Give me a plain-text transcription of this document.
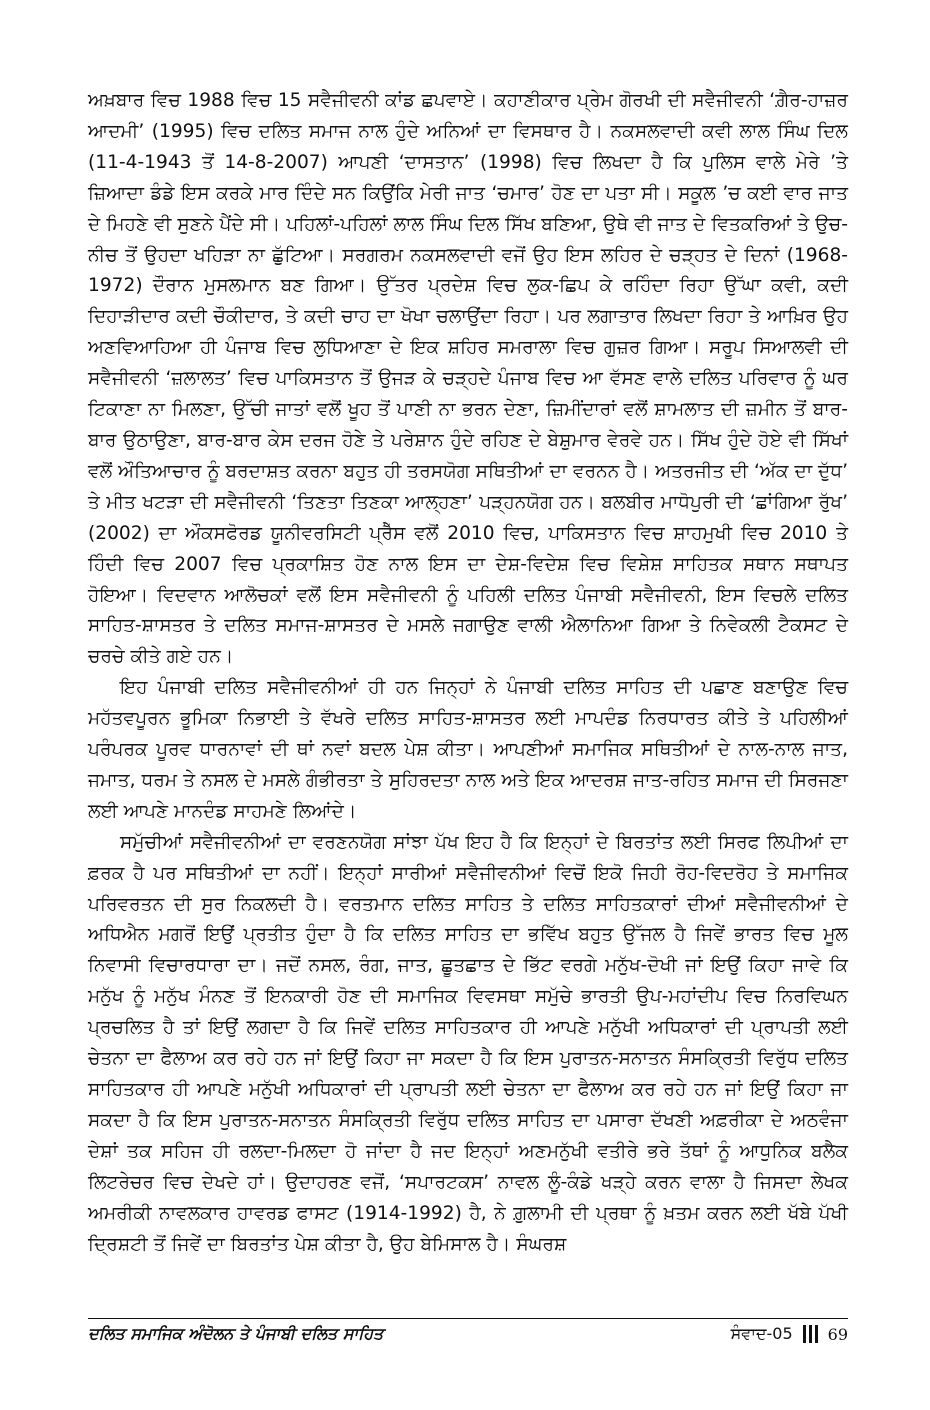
ਅਖ਼ਬਾਰ ਵਿਚ 1988 ਵਿਚ 15 ਸਵੈਜੀਵਨੀ ਕਾਂਡ ਛਪਵਾਏ। ਕਹਾਣੀਕਾਰ ਪ੍ਰੇਮ ਗੋਰਖੀ ਦੀ ਸਵੈਜੀਵਨੀ ‘ਗ਼ੈਰ-ਹਾਜ਼ਰ ਆਦਮੀ’ (1995) ਵਿਚ ਦਲਿਤ ਸਮਾਜ ਨਾਲ ਹੁੰਦੇ ਅਨਿਆਂ ਦਾ ਵਿਸਥਾਰ ਹੈ। ਨਕਸਲਵਾਦੀ ਕਵੀ ਲਾਲ ਸਿੰਘ ਦਿਲ (11-4-1943 ਤੋਂ 14-8-2007) ਆਪਣੀ ‘ਦਾਸਤਾਨ’ (1998) ਵਿਚ ਲਿਖਦਾ ਹੈ ਕਿ ਪੁਲਿਸ ਵਾਲੇ ਮੇਰੇ ’ਤੇ ਜ਼ਿਆਦਾ ਡੰਡੇ ਇਸ ਕਰਕੇ ਮਾਰ ਦਿੰਦੇ ਸਨ ਕਿਉਂਕਿ ਮੇਰੀ ਜਾਤ ‘ਚਮਾਰ’ ਹੋਣ ਦਾ ਪਤਾ ਸੀ। ਸਕੂਲ ’ਚ ਕਈ ਵਾਰ ਜਾਤ ਦੇ ਮਿਹਣੇ ਵੀ ਸੁਣਨੇ ਪੈਂਦੇ ਸੀ। ਪਹਿਲਾਂ-ਪਹਿਲਾਂ ਲਾਲ ਸਿੰਘ ਦਿਲ ਸਿੱਖ ਬਣਿਆ, ਉਥੇ ਵੀ ਜਾਤ ਦੇ ਵਿਤਕਰਿਆਂ ਤੇ ਉਚ-ਨੀਚ ਤੋਂ ਉਹਦਾ ਖਹਿੜਾ ਨਾ ਛੁੱਟਿਆ। ਸਰਗਰਮ ਨਕਸਲਵਾਦੀ ਵਜੋਂ ਉਹ ਇਸ ਲਹਿਰ ਦੇ ਚੜ੍ਹਤ ਦੇ ਦਿਨਾਂ (1968-1972) ਦੌਰਾਨ ਮੁਸਲਮਾਨ ਬਣ ਗਿਆ। ਉੱਤਰ ਪ੍ਰਦੇਸ਼ ਵਿਚ ਲੁਕ-ਛਿਪ ਕੇ ਰਹਿੰਦਾ ਰਿਹਾ ਉੱਘਾ ਕਵੀ, ਕਦੀ ਦਿਹਾੜੀਦਾਰ ਕਦੀ ਚੌਕੀਦਾਰ, ਤੇ ਕਦੀ ਚਾਹ ਦਾ ਖੋਖਾ ਚਲਾਉਂਦਾ ਰਿਹਾ। ਪਰ ਲਗਾਤਾਰ ਲਿਖਦਾ ਰਿਹਾ ਤੇ ਆਖ਼ਿਰ ਉਹ ਅਣਵਿਆਹਿਆ ਹੀ ਪੰਜਾਬ ਵਿਚ ਲੁਧਿਆਣਾ ਦੇ ਇਕ ਸ਼ਹਿਰ ਸਮਰਾਲਾ ਵਿਚ ਗੁਜ਼ਰ ਗਿਆ। ਸਰੂਪ ਸਿਆਲਵੀ ਦੀ ਸਵੈਜੀਵਨੀ ‘ਜ਼ਲਾਲਤ’ ਵਿਚ ਪਾਕਿਸਤਾਨ ਤੋਂ ਉਜੜ ਕੇ ਚੜ੍ਹਦੇ ਪੰਜਾਬ ਵਿਚ ਆ ਵੱਸਣ ਵਾਲੇ ਦਲਿਤ ਪਰਿਵਾਰ ਨੂੰ ਘਰ ਟਿਕਾਣਾ ਨਾ ਮਿਲਣਾ, ਉੱਚੀ ਜਾਤਾਂ ਵਲੋਂ ਖੂਹ ਤੋਂ ਪਾਣੀ ਨਾ ਭਰਨ ਦੇਣਾ, ਜ਼ਿਮੀਂਦਾਰਾਂ ਵਲੋਂ ਸ਼ਾਮਲਾਤ ਦੀ ਜ਼ਮੀਨ ਤੋਂ ਬਾਰ-ਬਾਰ ਉਠਾਉਣਾ, ਬਾਰ-ਬਾਰ ਕੇਸ ਦਰਜ ਹੋਣੇ ਤੇ ਪਰੇਸ਼ਾਨ ਹੁੰਦੇ ਰਹਿਣ ਦੇ ਬੇਸ਼ੁਮਾਰ ਵੇਰਵੇ ਹਨ। ਸਿੱਖ ਹੁੰਦੇ ਹੋਏ ਵੀ ਸਿੱਖਾਂ ਵਲੋਂ ਔਤਿਆਚਾਰ ਨੂੰ ਬਰਦਾਸ਼ਤ ਕਰਨਾ ਬਹੁਤ ਹੀ ਤਰਸਯੋਗ ਸਥਿਤੀਆਂ ਦਾ ਵਰਨਨ ਹੈ। ਅਤਰਜੀਤ ਦੀ ‘ਅੱਕ ਦਾ ਦੁੱਧ’ ਤੇ ਮੀਤ ਖਟੜਾ ਦੀ ਸਵੈਜੀਵਨੀ ‘ਤਿਣਤਾ ਤਿਣਕਾ ਆਲ੍ਹਣਾ’ ਪੜ੍ਹਨਯੋਗ ਹਨ। ਬਲਬੀਰ ਮਾਧੋਪੁਰੀ ਦੀ ‘ਛਾਂਗਿਆ ਰੁੱਖ’ (2002) ਦਾ ਔਕਸਫੋਰਡ ਯੂਨੀਵਰਸਿਟੀ ਪ੍ਰੈੱਸ ਵਲੋਂ 2010 ਵਿਚ, ਪਾਕਿਸਤਾਨ ਵਿਚ ਸ਼ਾਹਮੁਖੀ ਵਿਚ 2010 ਤੇ ਹਿੰਦੀ ਵਿਚ 2007 ਵਿਚ ਪ੍ਰਕਾਸ਼ਿਤ ਹੋਣ ਨਾਲ ਇਸ ਦਾ ਦੇਸ਼-ਵਿਦੇਸ਼ ਵਿਚ ਵਿਸ਼ੇਸ਼ ਸਾਹਿਤਕ ਸਥਾਨ ਸਥਾਪਤ ਹੋਇਆ। ਵਿਦਵਾਨ ਆਲੋਚਕਾਂ ਵਲੋਂ ਇਸ ਸਵੈਜੀਵਨੀ ਨੂੰ ਪਹਿਲੀ ਦਲਿਤ ਪੰਜਾਬੀ ਸਵੈਜੀਵਨੀ, ਇਸ ਵਿਚਲੇ ਦਲਿਤ ਸਾਹਿਤ-ਸ਼ਾਸਤਰ ਤੇ ਦਲਿਤ ਸਮਾਜ-ਸ਼ਾਸਤਰ ਦੇ ਮਸਲੇ ਜਗਾਉਣ ਵਾਲੀ ਐਲਾਨਿਆ ਗਿਆ ਤੇ ਨਿਵੇਕਲੀ ਟੈਕਸਟ ਦੇ ਚਰਚੇ ਕੀਤੇ ਗਏ ਹਨ।

ਇਹ ਪੰਜਾਬੀ ਦਲਿਤ ਸਵੈਜੀਵਨੀਆਂ ਹੀ ਹਨ ਜਿਨ੍ਹਾਂ ਨੇ ਪੰਜਾਬੀ ਦਲਿਤ ਸਾਹਿਤ ਦੀ ਪਛਾਣ ਬਣਾਉਣ ਵਿਚ ਮਹੱਤਵਪੂਰਨ ਭੂਮਿਕਾ ਨਿਭਾਈ ਤੇ ਵੱਖਰੇ ਦਲਿਤ ਸਾਹਿਤ-ਸ਼ਾਸਤਰ ਲਈ ਮਾਪਦੰਡ ਨਿਰਧਾਰਤ ਕੀਤੇ ਤੇ ਪਹਿਲੀਆਂ ਪਰੰਪਰਕ ਪੂਰਵ ਧਾਰਨਾਵਾਂ ਦੀ ਥਾਂ ਨਵਾਂ ਬਦਲ ਪੇਸ਼ ਕੀਤਾ। ਆਪਣੀਆਂ ਸਮਾਜਿਕ ਸਥਿਤੀਆਂ ਦੇ ਨਾਲ-ਨਾਲ ਜਾਤ, ਜਮਾਤ, ਧਰਮ ਤੇ ਨਸਲ ਦੇ ਮਸਲੇ ਗੰਭੀਰਤਾ ਤੇ ਸੁਹਿਰਦਤਾ ਨਾਲ ਅਤੇ ਇਕ ਆਦਰਸ਼ ਜਾਤ-ਰਹਿਤ ਸਮਾਜ ਦੀ ਸਿਰਜਣਾ ਲਈ ਆਪਣੇ ਮਾਨਦੰਡ ਸਾਹਮਣੇ ਲਿਆਂਦੇ।

ਸਮੁੱਚੀਆਂ ਸਵੈਜੀਵਨੀਆਂ ਦਾ ਵਰਣਨਯੋਗ ਸਾਂਝਾ ਪੱਖ ਇਹ ਹੈ ਕਿ ਇਨ੍ਹਾਂ ਦੇ ਬਿਰਤਾਂਤ ਲਈ ਸਿਰਫ ਲਿਪੀਆਂ ਦਾ ਫ਼ਰਕ ਹੈ ਪਰ ਸਥਿਤੀਆਂ ਦਾ ਨਹੀਂ। ਇਨ੍ਹਾਂ ਸਾਰੀਆਂ ਸਵੈਜੀਵਨੀਆਂ ਵਿਚੋਂ ਇਕੋ ਜਿਹੀ ਰੋਹ-ਵਿਦਰੋਹ ਤੇ ਸਮਾਜਿਕ ਪਰਿਵਰਤਨ ਦੀ ਸੁਰ ਨਿਕਲਦੀ ਹੈ। ਵਰਤਮਾਨ ਦਲਿਤ ਸਾਹਿਤ ਤੇ ਦਲਿਤ ਸਾਹਿਤਕਾਰਾਂ ਦੀਆਂ ਸਵੈਜੀਵਨੀਆਂ ਦੇ ਅਧਿਐਨ ਮਗਰੋਂ ਇਉਂ ਪ੍ਰਤੀਤ ਹੁੰਦਾ ਹੈ ਕਿ ਦਲਿਤ ਸਾਹਿਤ ਦਾ ਭਵਿੱਖ ਬਹੁਤ ਉੱਜਲ ਹੈ ਜਿਵੇਂ ਭਾਰਤ ਵਿਚ ਮੂਲ ਨਿਵਾਸੀ ਵਿਚਾਰਧਾਰਾ ਦਾ। ਜਦੋਂ ਨਸਲ, ਰੰਗ, ਜਾਤ, ਛੂਤਛਾਤ ਦੇ ਭਿੱਟ ਵਰਗੇ ਮਨੁੱਖ-ਦੋਖੀ ਜਾਂ ਇਉਂ ਕਿਹਾ ਜਾਵੇ ਕਿ ਮਨੁੱਖ ਨੂੰ ਮਨੁੱਖ ਮੰਨਣ ਤੋਂ ਇਨਕਾਰੀ ਹੋਣ ਦੀ ਸਮਾਜਿਕ ਵਿਵਸਥਾ ਸਮੁੱਚੇ ਭਾਰਤੀ ਉਪ-ਮਹਾਂਦੀਪ ਵਿਚ ਨਿਰਵਿਘਨ ਪ੍ਰਚਲਿਤ ਹੈ ਤਾਂ ਇਉਂ ਲਗਦਾ ਹੈ ਕਿ ਜਿਵੇਂ ਦਲਿਤ ਸਾਹਿਤਕਾਰ ਹੀ ਆਪਣੇ ਮਨੁੱਖੀ ਅਧਿਕਾਰਾਂ ਦੀ ਪ੍ਰਾਪਤੀ ਲਈ ਚੇਤਨਾ ਦਾ ਫੈਲਾਅ ਕਰ ਰਹੇ ਹਨ ਜਾਂ ਇਉਂ ਕਿਹਾ ਜਾ ਸਕਦਾ ਹੈ ਕਿ ਇਸ ਪੁਰਾਤਨ-ਸਨਾਤਨ ਸੰਸਕ੍ਰਿਤੀ ਵਿਰੁੱਧ ਦਲਿਤ ਸਾਹਿਤਕਾਰ ਹੀ ਆਪਣੇ ਮਨੁੱਖੀ ਅਧਿਕਾਰਾਂ ਦੀ ਪ੍ਰਾਪਤੀ ਲਈ ਚੇਤਨਾ ਦਾ ਫੈਲਾਅ ਕਰ ਰਹੇ ਹਨ ਜਾਂ ਇਉਂ ਕਿਹਾ ਜਾ ਸਕਦਾ ਹੈ ਕਿ ਇਸ ਪੁਰਾਤਨ-ਸਨਾਤਨ ਸੰਸਕ੍ਰਿਤੀ ਵਿਰੁੱਧ ਦਲਿਤ ਸਾਹਿਤ ਦਾ ਪਸਾਰਾ ਦੱਖਣੀ ਅਫ਼ਰੀਕਾ ਦੇ ਅਠਵੰਜਾ ਦੇਸ਼ਾਂ ਤਕ ਸਹਿਜ ਹੀ ਰਲਦਾ-ਮਿਲਦਾ ਹੋ ਜਾਂਦਾ ਹੈ ਜਦ ਇਨ੍ਹਾਂ ਅਣਮਨੁੱਖੀ ਵਤੀਰੇ ਭਰੇ ਤੱਥਾਂ ਨੂੰ ਆਧੁਨਿਕ ਬਲੈਕ ਲਿਟਰੇਚਰ ਵਿਚ ਦੇਖਦੇ ਹਾਂ। ਉਦਾਹਰਣ ਵਜੋਂ, ‘ਸਪਾਰਟਕਸ’ ਨਾਵਲ ਲੂੰ-ਕੰਡੇ ਖੜ੍ਹੇ ਕਰਨ ਵਾਲਾ ਹੈ ਜਿਸਦਾ ਲੇਖਕ ਅਮਰੀਕੀ ਨਾਵਲਕਾਰ ਹਾਵਰਡ ਫਾਸਟ (1914-1992) ਹੈ, ਨੇ ਗ਼ੁਲਾਮੀ ਦੀ ਪ੍ਰਥਾ ਨੂੰ ਖ਼ਤਮ ਕਰਨ ਲਈ ਖੱਬੇ ਪੱਖੀ ਦ੍ਰਿਸ਼ਟੀ ਤੋਂ ਜਿਵੇਂ ਦਾ ਬਿਰਤਾਂਤ ਪੇਸ਼ ਕੀਤਾ ਹੈ, ਉਹ ਬੇਮਿਸਾਲ ਹੈ। ਸੰਘਰਸ਼

ਦਲਿਤ ਸਮਾਜਿਕ ਅੰਦੋਲਨ ਤੇ ਪੰਜਾਬੀ ਦਲਿਤ ਸਾਹਿਤ	ਸੰਵਾਦ-05 69
